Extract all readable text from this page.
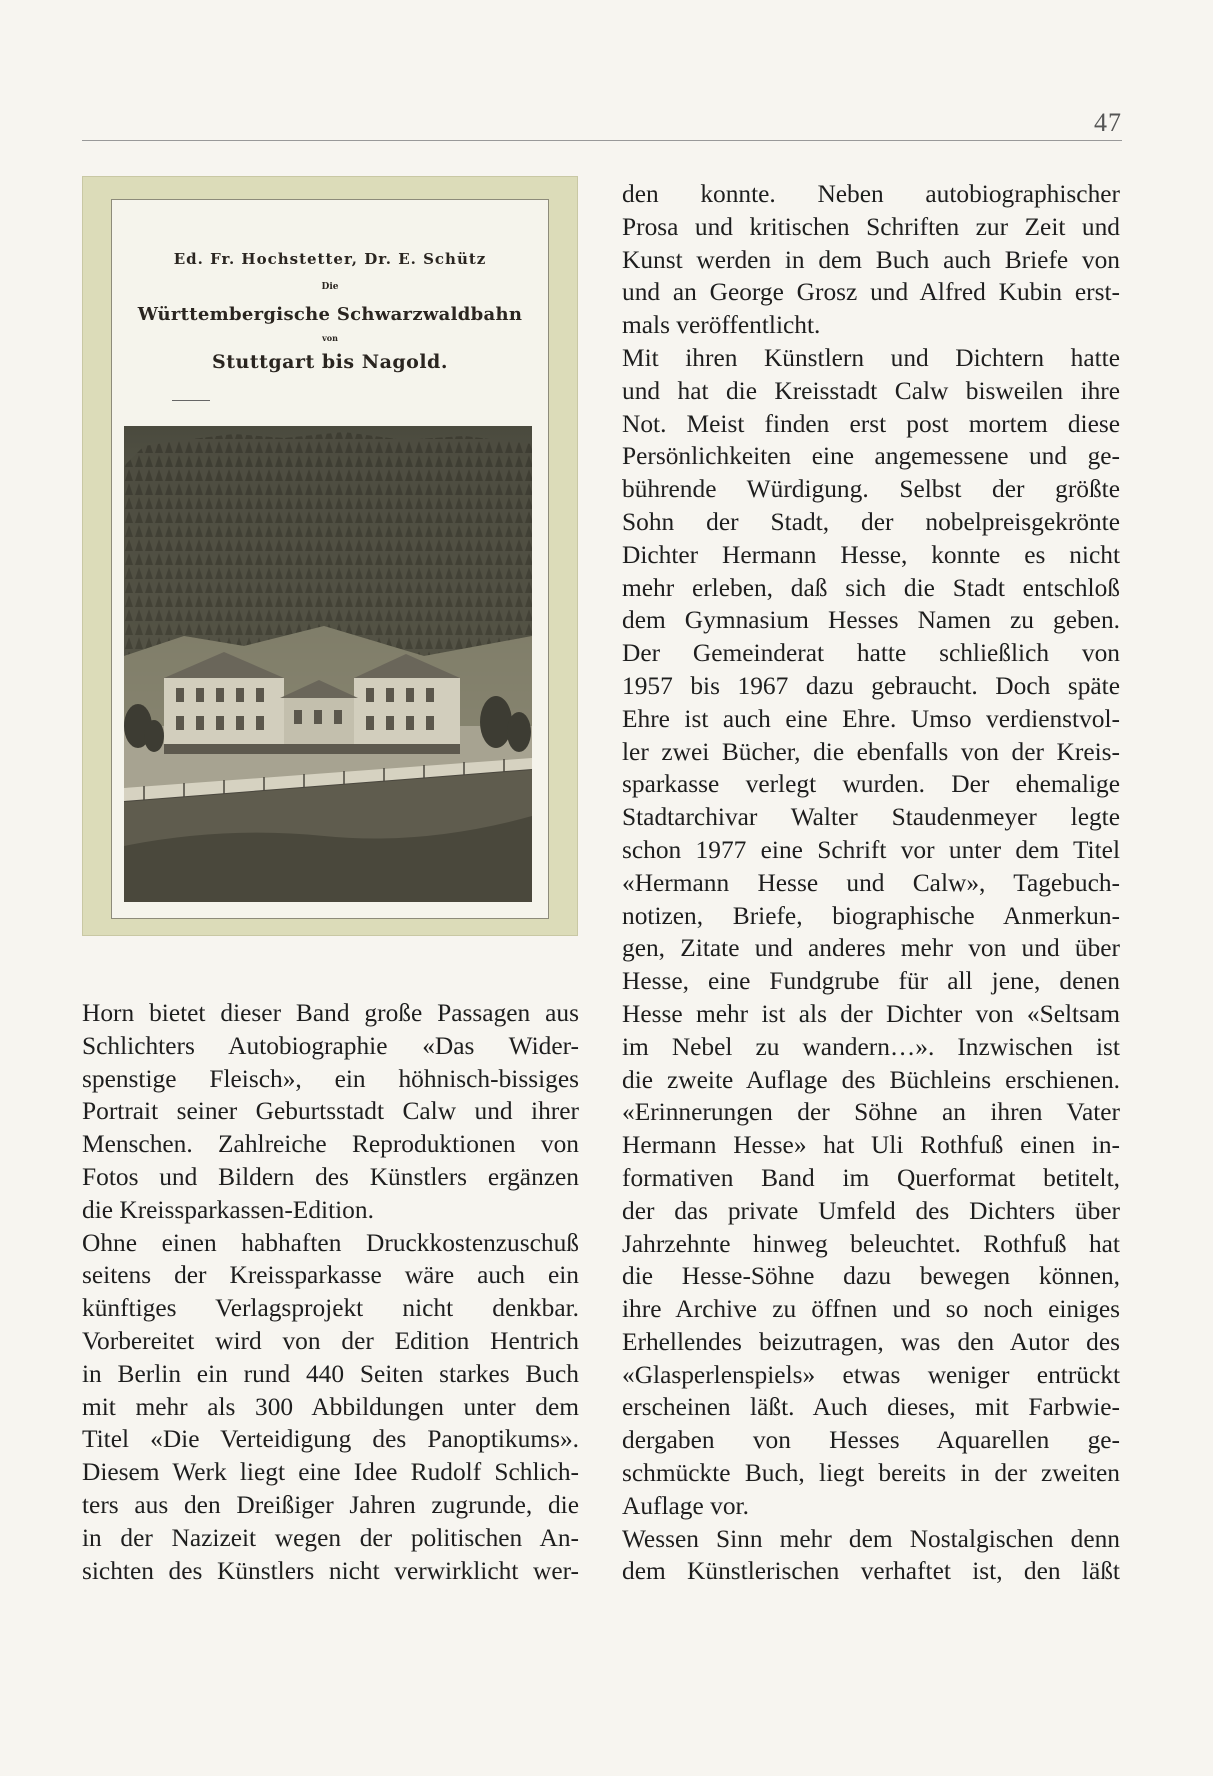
47
Ed. Fr. Hochstetter, Dr. E. Schütz
Die
Württembergische Schwarzwaldbahn
von
Stuttgart bis Nagold.
Horn bietet dieser Band große Passagen aus
Schlichters Autobiographie «Das Wider-
spenstige Fleisch», ein höhnisch-bissiges
Portrait seiner Geburtsstadt Calw und ihrer
Menschen. Zahlreiche Reproduktionen von
Fotos und Bildern des Künstlers ergänzen
die Kreissparkassen-Edition.
Ohne einen habhaften Druckkostenzuschuß
seitens der Kreissparkasse wäre auch ein
künftiges Verlagsprojekt nicht denkbar.
Vorbereitet wird von der Edition Hentrich
in Berlin ein rund 440 Seiten starkes Buch
mit mehr als 300 Abbildungen unter dem
Titel «Die Verteidigung des Panoptikums».
Diesem Werk liegt eine Idee Rudolf Schlich-
ters aus den Dreißiger Jahren zugrunde, die
in der Nazizeit wegen der politischen An-
sichten des Künstlers nicht verwirklicht wer-
den konnte. Neben autobiographischer
Prosa und kritischen Schriften zur Zeit und
Kunst werden in dem Buch auch Briefe von
und an George Grosz und Alfred Kubin erst-
mals veröffentlicht.
Mit ihren Künstlern und Dichtern hatte
und hat die Kreisstadt Calw bisweilen ihre
Not. Meist finden erst post mortem diese
Persönlichkeiten eine angemessene und ge-
bührende Würdigung. Selbst der größte
Sohn der Stadt, der nobelpreisgekrönte
Dichter Hermann Hesse, konnte es nicht
mehr erleben, daß sich die Stadt entschloß
dem Gymnasium Hesses Namen zu geben.
Der Gemeinderat hatte schließlich von
1957 bis 1967 dazu gebraucht. Doch späte
Ehre ist auch eine Ehre. Umso verdienstvol-
ler zwei Bücher, die ebenfalls von der Kreis-
sparkasse verlegt wurden. Der ehemalige
Stadtarchivar Walter Staudenmeyer legte
schon 1977 eine Schrift vor unter dem Titel
«Hermann Hesse und Calw», Tagebuch-
notizen, Briefe, biographische Anmerkun-
gen, Zitate und anderes mehr von und über
Hesse, eine Fundgrube für all jene, denen
Hesse mehr ist als der Dichter von «Seltsam
im Nebel zu wandern…». Inzwischen ist
die zweite Auflage des Büchleins erschienen.
«Erinnerungen der Söhne an ihren Vater
Hermann Hesse» hat Uli Rothfuß einen in-
formativen Band im Querformat betitelt,
der das private Umfeld des Dichters über
Jahrzehnte hinweg beleuchtet. Rothfuß hat
die Hesse-Söhne dazu bewegen können,
ihre Archive zu öffnen und so noch einiges
Erhellendes beizutragen, was den Autor des
«Glasperlenspiels» etwas weniger entrückt
erscheinen läßt. Auch dieses, mit Farbwie-
dergaben von Hesses Aquarellen ge-
schmückte Buch, liegt bereits in der zweiten
Auflage vor.
Wessen Sinn mehr dem Nostalgischen denn
dem Künstlerischen verhaftet ist, den läßt
